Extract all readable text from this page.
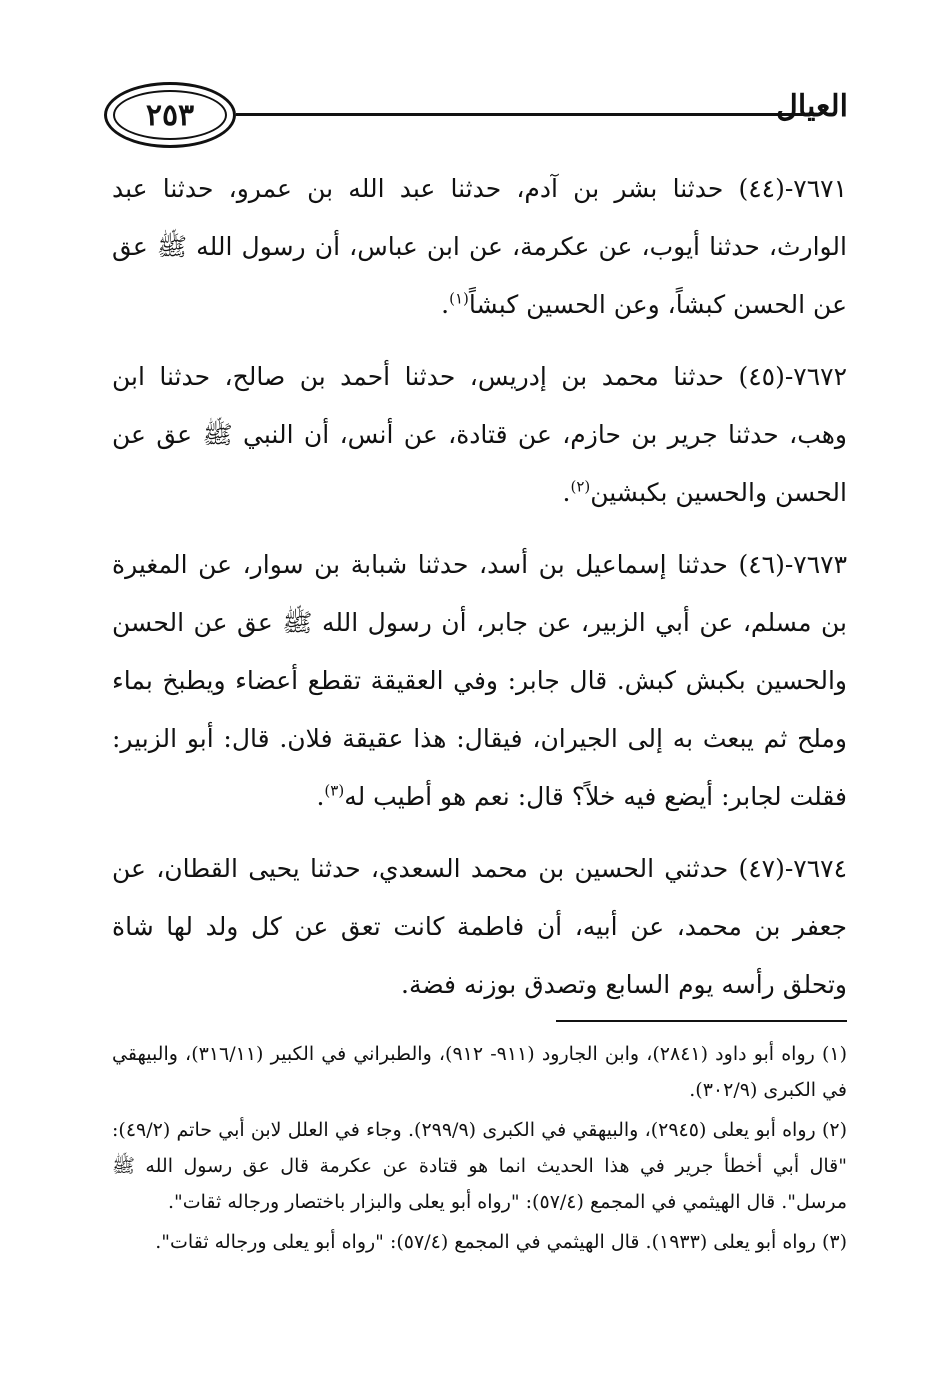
٢٥٣	العيال

٧٦٧١-(٤٤) حدثنا بشر بن آدم، حدثنا عبد الله بن عمرو، حدثنا عبد الوارث، حدثنا أيوب، عن عكرمة، عن ابن عباس، أن رسول الله ﷺ عق عن الحسن كبشاً، وعن الحسين كبشاً$^{(١)}$.

٧٦٧٢-(٤٥) حدثنا محمد بن إدريس، حدثنا أحمد بن صالح، حدثنا ابن وهب، حدثنا جرير بن حازم، عن قتادة، عن أنس، أن النبي ﷺ عق عن الحسن والحسين بكبشين$^{(٢)}$.

٧٦٧٣-(٤٦) حدثنا إسماعيل بن أسد، حدثنا شبابة بن سوار، عن المغيرة بن مسلم، عن أبي الزبير، عن جابر، أن رسول الله ﷺ عق عن الحسن والحسين بكبش كبش. قال جابر: وفي العقيقة تقطع أعضاء ويطبخ بماء وملح ثم يبعث به إلى الجيران، فيقال: هذا عقيقة فلان. قال: أبو الزبير: فقلت لجابر: أيضع فيه خلاً؟ قال: نعم هو أطيب له$^{(٣)}$.

٧٦٧٤-(٤٧) حدثني الحسين بن محمد السعدي، حدثنا يحيى القطان، عن جعفر بن محمد، عن أبيه، أن فاطمة كانت تعق عن كل ولد لها شاة وتحلق رأسه يوم السابع وتصدق بوزنه فضة.

(١) رواه أبو داود (٢٨٤١)، وابن الجارود (٩١١- ٩١٢)، والطبراني في الكبير (٣١٦/١١)، والبيهقي في الكبرى (٣٠٢/٩).

(٢) رواه أبو يعلى (٢٩٤٥)، والبيهقي في الكبرى (٢٩٩/٩). وجاء في العلل لابن أبي حاتم (٤٩/٢): "قال أبي أخطأ جرير في هذا الحديث انما هو قتادة عن عكرمة قال عق رسول الله ﷺ مرسل". قال الهيثمي في المجمع (٥٧/٤): "رواه أبو يعلى والبزار باختصار ورجاله ثقات".

(٣) رواه أبو يعلى (١٩٣٣). قال الهيثمي في المجمع (٥٧/٤): "رواه أبو يعلى ورجاله ثقات".
